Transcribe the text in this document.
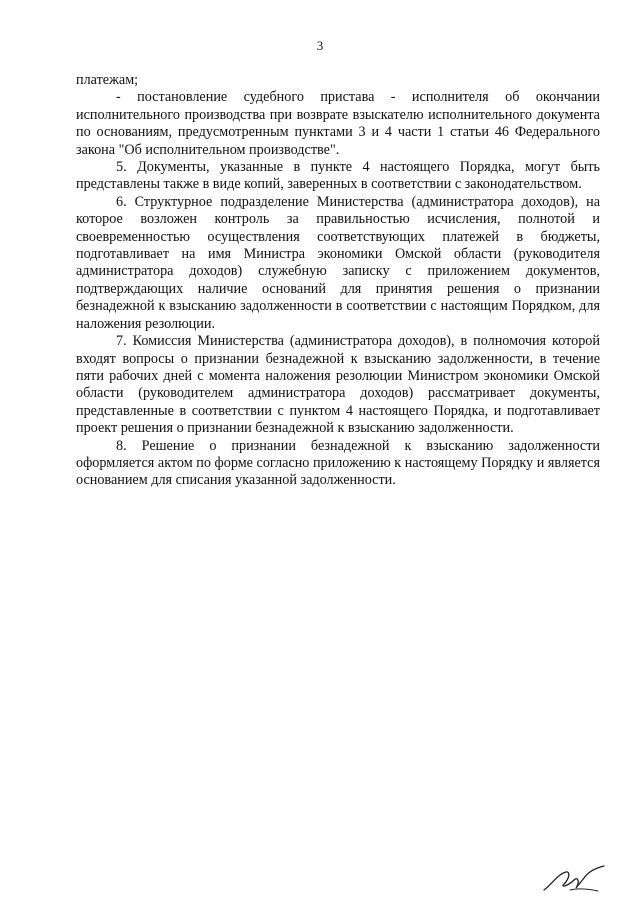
3

платежам;

- постановление судебного пристава - исполнителя об окончании исполнительного производства при возврате взыскателю исполнительного документа по основаниям, предусмотренным пунктами 3 и 4 части 1 статьи 46 Федерального закона "Об исполнительном производстве".

5. Документы, указанные в пункте 4 настоящего Порядка, могут быть представлены также в виде копий, заверенных в соответствии с законодательством.

6. Структурное подразделение Министерства (администратора доходов), на которое возложен контроль за правильностью исчисления, полнотой и своевременностью осуществления соответствующих платежей в бюджеты, подготавливает на имя Министра экономики Омской области (руководителя администратора доходов) служебную записку с приложением документов, подтверждающих наличие оснований для принятия решения о признании безнадежной к взысканию задолженности в соответствии с настоящим Порядком, для наложения резолюции.

7. Комиссия Министерства (администратора доходов), в полномочия которой входят вопросы о признании безнадежной к взысканию задолженности, в течение пяти рабочих дней с момента наложения резолюции Министром экономики Омской области (руководителем администратора доходов) рассматривает документы, представленные в соответствии с пунктом 4 настоящего Порядка, и подготавливает проект решения о признании безнадежной к взысканию задолженности.

8. Решение о признании безнадежной к взысканию задолженности оформляется актом по форме согласно приложению к настоящему Порядку и является основанием для списания указанной задолженности.
